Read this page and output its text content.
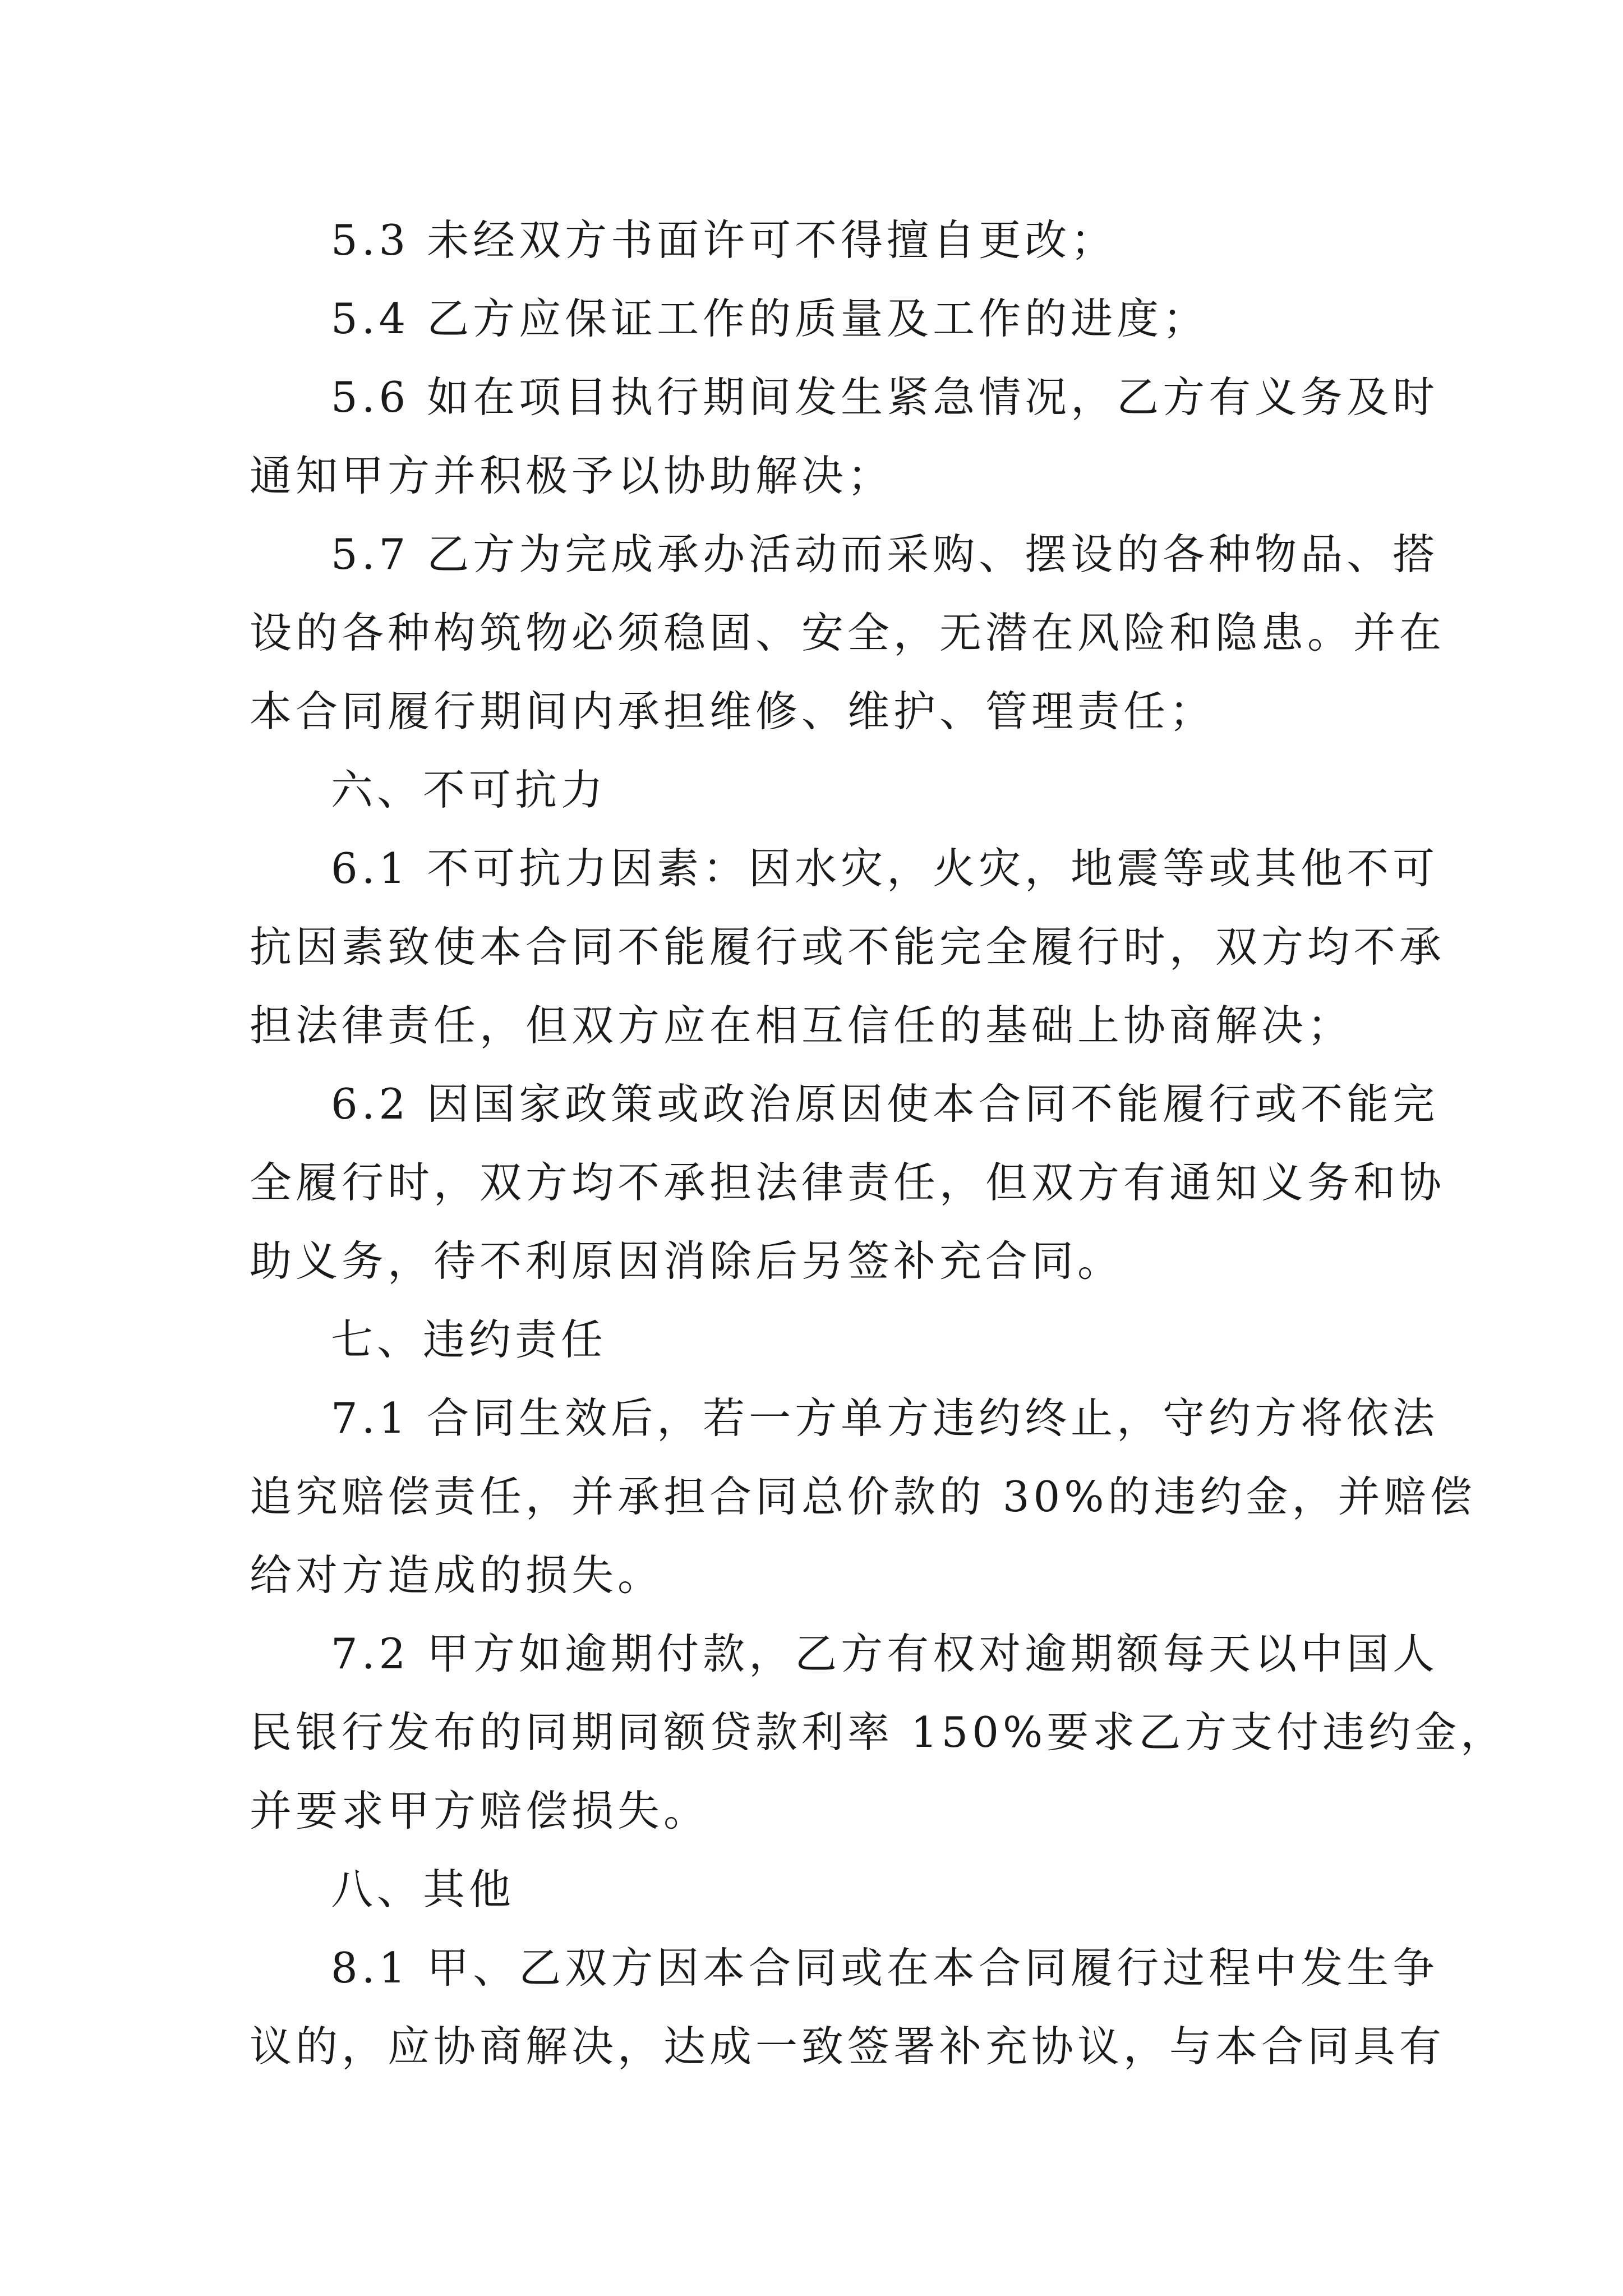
5.3 未经双方书面许可不得擅自更改；
5.4 乙方应保证工作的质量及工作的进度；
5.6 如在项目执行期间发生紧急情况，乙方有义务及时
通知甲方并积极予以协助解决；
5.7 乙方为完成承办活动而采购、摆设的各种物品、搭
设的各种构筑物必须稳固、安全，无潜在风险和隐患。并在
本合同履行期间内承担维修、维护、管理责任；
六、不可抗力
6.1 不可抗力因素：因水灾，火灾，地震等或其他不可
抗因素致使本合同不能履行或不能完全履行时，双方均不承
担法律责任，但双方应在相互信任的基础上协商解决；
6.2 因国家政策或政治原因使本合同不能履行或不能完
全履行时，双方均不承担法律责任，但双方有通知义务和协
助义务，待不利原因消除后另签补充合同。
七、违约责任
7.1 合同生效后，若一方单方违约终止，守约方将依法
追究赔偿责任，并承担合同总价款的 30%的违约金，并赔偿
给对方造成的损失。
7.2 甲方如逾期付款，乙方有权对逾期额每天以中国人
民银行发布的同期同额贷款利率 150%要求乙方支付违约金，
并要求甲方赔偿损失。
八、其他
8.1 甲、乙双方因本合同或在本合同履行过程中发生争
议的，应协商解决，达成一致签署补充协议，与本合同具有
